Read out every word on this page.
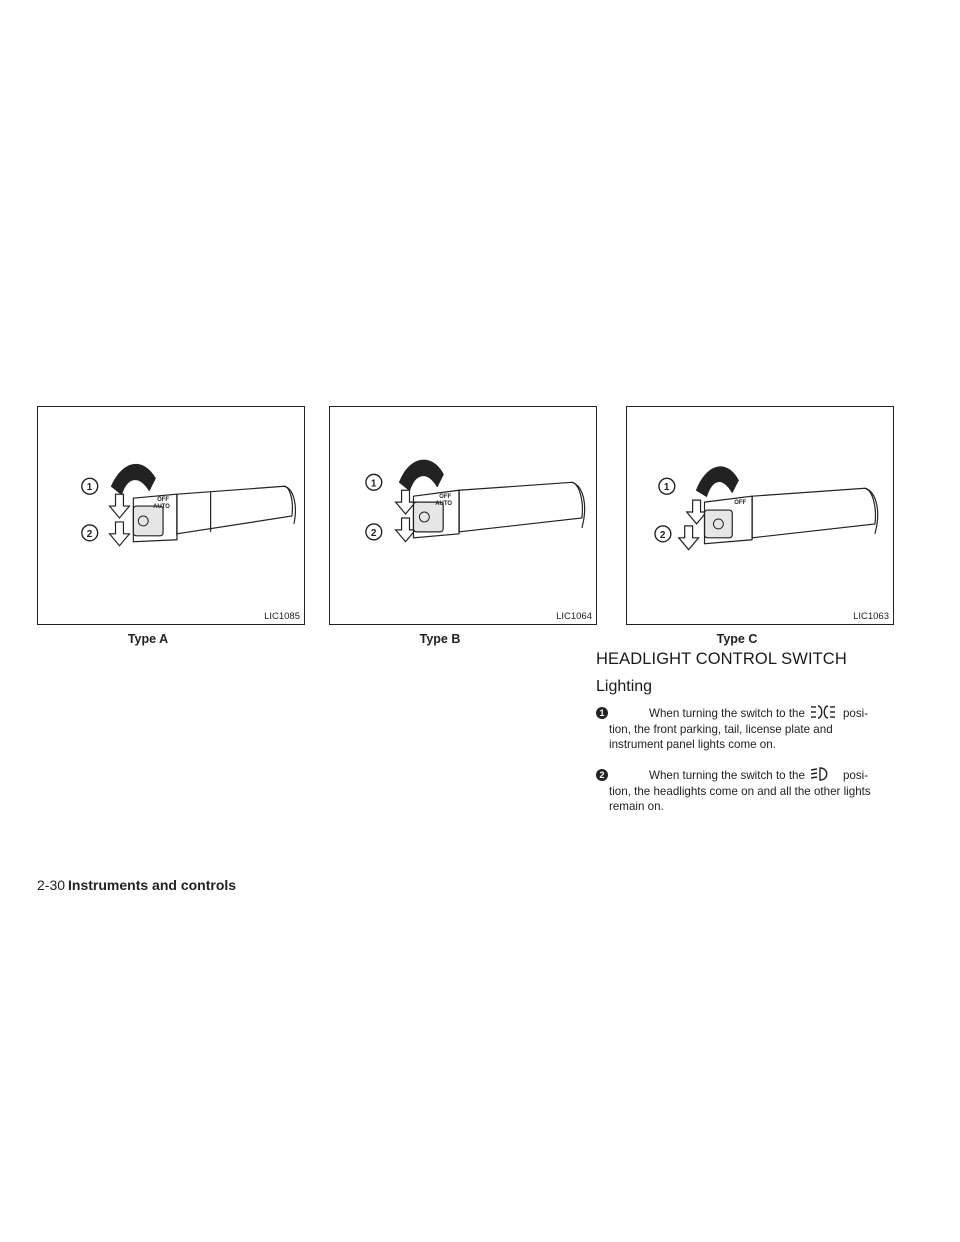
1
2
OFF
AUTO
LIC1085
Type A
1
2
OFF
AUTO
LIC1064
Type B
1
2
OFF
LIC1063
Type C
HEADLIGHT CONTROL SWITCH
Lighting
1	When turning the switch to the	posi-
tion, the front parking, tail, license plate and instrument panel lights come on.
2	When turning the switch to the	posi-
tion, the headlights come on and all the other lights remain on.
2-30 Instruments and controls
